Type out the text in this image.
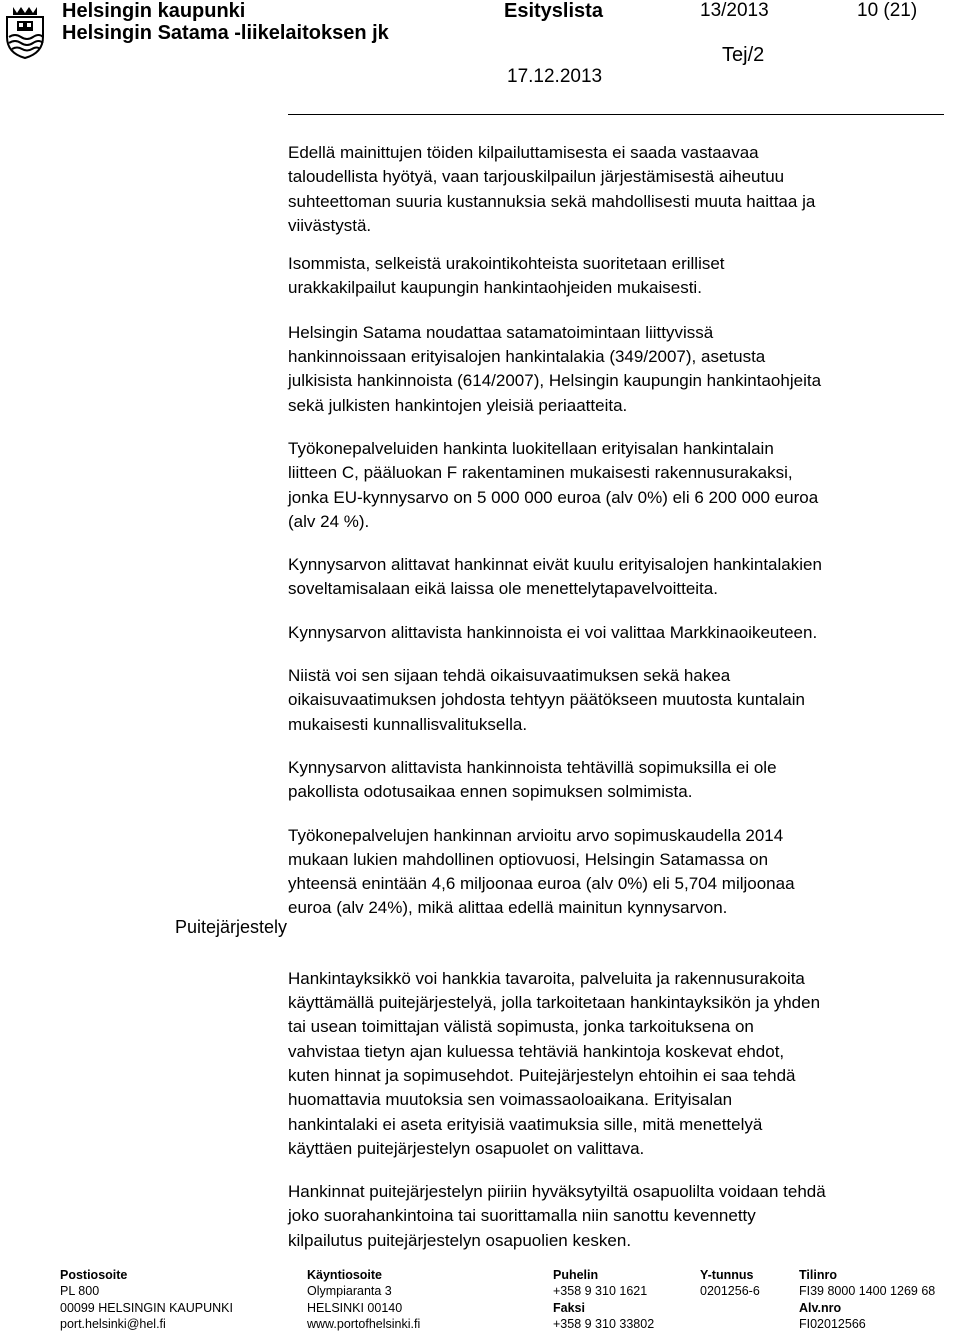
Helsingin kaupunki
Helsingin Satama -liikelaitoksen jk
Esityslista	13/2013	10 (21)
Tej/2
17.12.2013

Edellä mainittujen töiden kilpailuttamisesta ei saada vastaavaa
taloudellista hyötyä, vaan tarjouskilpailun järjestämisestä aiheutuu
suhteettoman suuria kustannuksia sekä mahdollisesti muuta haittaa ja
viivästystä.

Isommista, selkeistä urakointikohteista suoritetaan erilliset
urakkakilpailut kaupungin hankintaohjeiden mukaisesti.

Helsingin Satama noudattaa satamatoimintaan liittyvissä
hankinnoissaan erityisalojen hankintalakia (349/2007), asetusta
julkisista hankinnoista (614/2007), Helsingin kaupungin hankintaohjeita
sekä julkisten hankintojen yleisiä periaatteita.

Työkonepalveluiden hankinta luokitellaan erityisalan hankintalain
liitteen C, pääluokan F rakentaminen mukaisesti rakennusurakaksi,
jonka EU-kynnysarvo on 5 000 000 euroa (alv 0%) eli 6 200 000 euroa
(alv 24 %).

Kynnysarvon alittavat hankinnat eivät kuulu erityisalojen hankintalakien
soveltamisalaan eikä laissa ole menettelytapavelvoitteita.

Kynnysarvon alittavista hankinnoista ei voi valittaa Markkinaoikeuteen.

Niistä voi sen sijaan tehdä oikaisuvaatimuksen sekä hakea
oikaisuvaatimuksen johdosta tehtyyn päätökseen muutosta kuntalain
mukaisesti kunnallisvalituksella.

Kynnysarvon alittavista hankinnoista tehtävillä sopimuksilla ei ole
pakollista odotusaikaa ennen sopimuksen solmimista.

Työkonepalvelujen hankinnan arvioitu arvo sopimuskaudella 2014
mukaan lukien mahdollinen optiovuosi, Helsingin Satamassa on
yhteensä enintään 4,6 miljoonaa euroa (alv 0%) eli 5,704 miljoonaa
euroa (alv 24%), mikä alittaa edellä mainitun kynnysarvon.

Hankintayksikkö voi hankkia tavaroita, palveluita ja rakennusurakoita
käyttämällä puitejärjestelyä, jolla tarkoitetaan hankintayksikön ja yhden
tai usean toimittajan välistä sopimusta, jonka tarkoituksena on
vahvistaa tietyn ajan kuluessa tehtäviä hankintoja koskevat ehdot,
kuten hinnat ja sopimusehdot. Puitejärjestelyn ehtoihin ei saa tehdä
huomattavia muutoksia sen voimassaoloaikana. Erityisalan
hankintalaki ei aseta erityisiä vaatimuksia sille, mitä menettelyä
käyttäen puitejärjestelyn osapuolet on valittava.

Hankinnat puitejärjestelyn piiriin hyväksytyiltä osapuolilta voidaan tehdä
joko suorahankintoina tai suorittamalla niin sanottu kevennetty
kilpailutus puitejärjestelyn osapuolien kesken.

Puitejärjestely
Postiosoite
PL 800
00099 HELSINGIN KAUPUNKI
port.helsinki@hel.fi
Käyntiosoite
Olympiaranta 3
HELSINKI 00140
www.portofhelsinki.fi
Puhelin
+358 9 310 1621
Faksi
+358 9 310 33802
Y-tunnus
0201256-6
Tilinro
FI39 8000 1400 1269 68
Alv.nro
FI02012566
